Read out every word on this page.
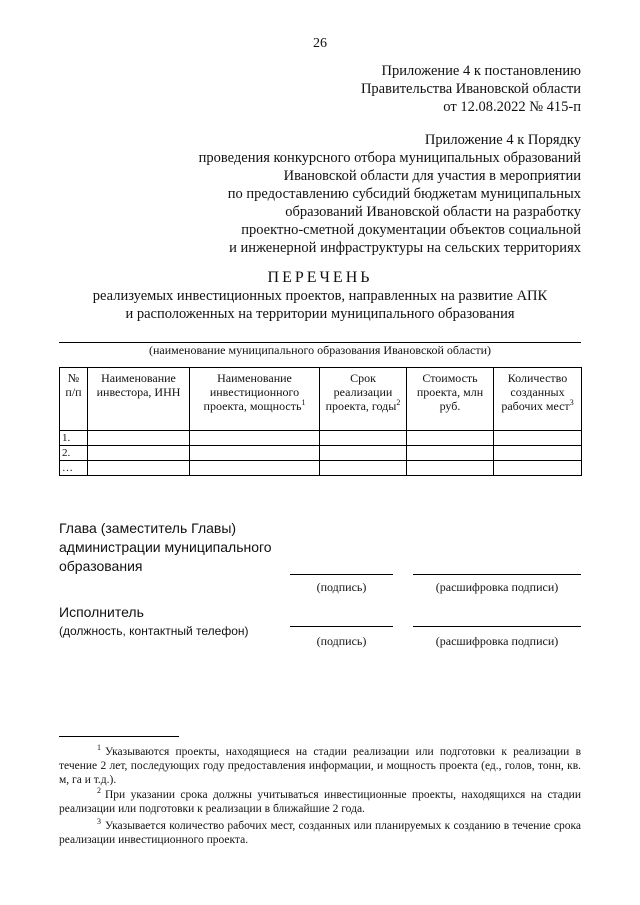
26
Приложение 4 к постановлению
Правительства Ивановской области
от 12.08.2022 № 415-п
Приложение 4 к Порядку
проведения конкурсного отбора муниципальных образований
Ивановской области для участия в мероприятии
по предоставлению субсидий бюджетам муниципальных
образований Ивановской области на разработку
проектно-сметной документации объектов социальной
и инженерной инфраструктуры на сельских территориях
ПЕРЕЧЕНЬ
реализуемых инвестиционных проектов, направленных на развитие АПК
и расположенных на территории муниципального образования
(наименование муниципального образования Ивановской области)
№ п/п	Наименование инвестора, ИНН	Наименование инвестиционного проекта, мощность$^1$	Срок реализации проекта, годы$^2$	Стоимость проекта, млн руб.	Количество созданных рабочих мест$^3$
1.					
2.					
…					
Глава (заместитель Главы)
администрации муниципального
образования
(подпись)	(расшифровка подписи)
Исполнитель
(должность, контактный телефон)
(подпись)	(расшифровка подписи)
$^1$ Указываются проекты, находящиеся на стадии реализации или подготовки к реализации в течение 2 лет, последующих году предоставления информации, и мощность проекта (ед., голов, тонн, кв. м, га и т.д.).
$^2$ При указании срока должны учитываться инвестиционные проекты, находящихся на стадии реализации или подготовки к реализации в ближайшие 2 года.
$^3$ Указывается количество рабочих мест, созданных или планируемых к созданию в течение срока реализации инвестиционного проекта.
